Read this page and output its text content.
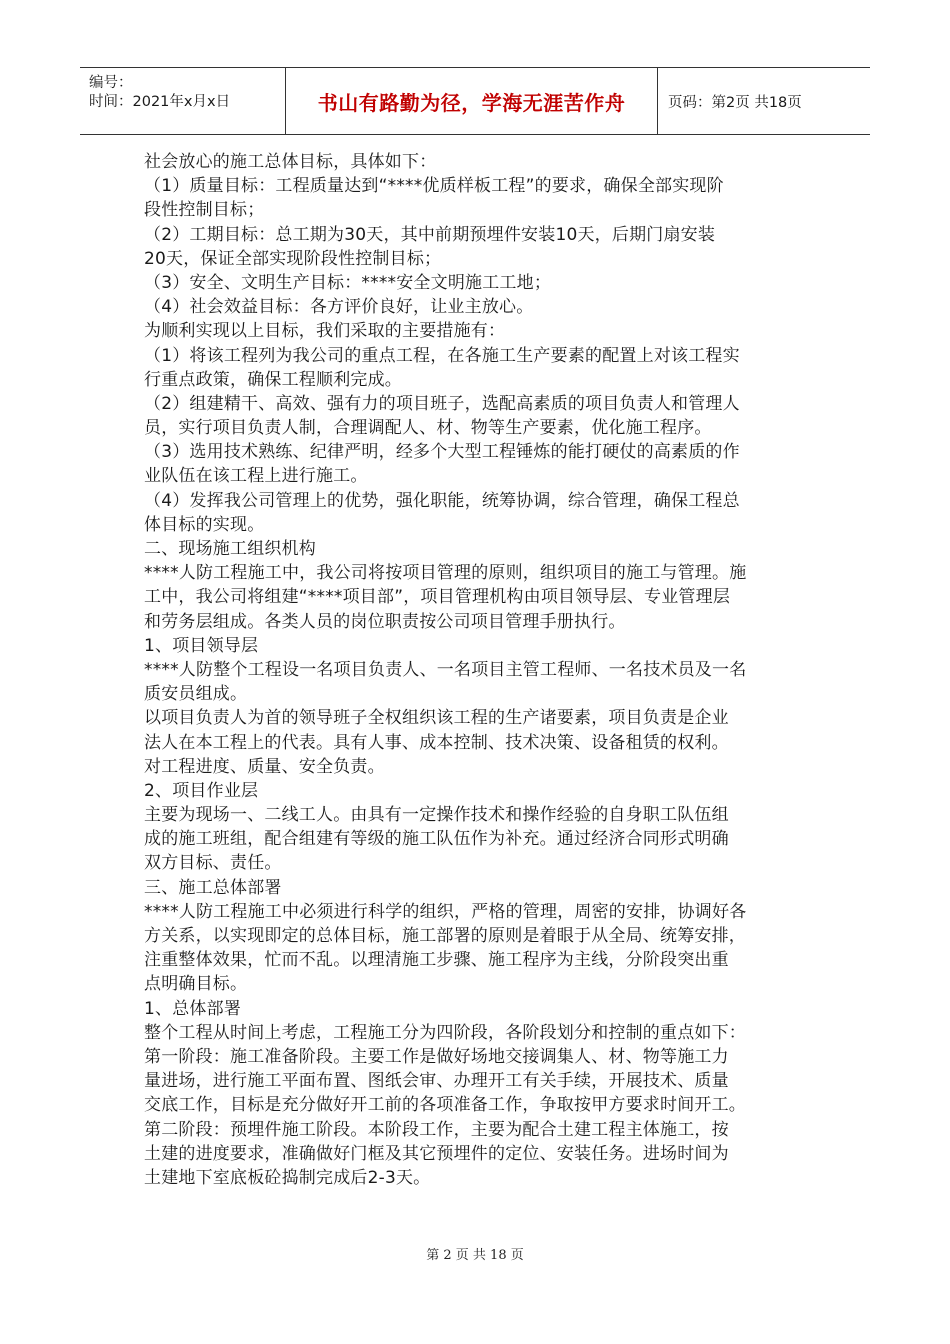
编号：
时间：2021年x月x日	书山有路勤为径，学海无涯苦作舟	页码：第2页 共18页
社会放心的施工总体目标，具体如下：
（1）质量目标：工程质量达到“****优质样板工程”的要求，确保全部实现阶
段性控制目标；
（2）工期目标：总工期为30天，其中前期预埋件安装10天，后期门扇安装
20天，保证全部实现阶段性控制目标；
（3）安全、文明生产目标：****安全文明施工工地；
（4）社会效益目标：各方评价良好，让业主放心。
为顺利实现以上目标，我们采取的主要措施有：
（1）将该工程列为我公司的重点工程，在各施工生产要素的配置上对该工程实
行重点政策，确保工程顺利完成。
（2）组建精干、高效、强有力的项目班子，选配高素质的项目负责人和管理人
员，实行项目负责人制，合理调配人、材、物等生产要素，优化施工程序。
（3）选用技术熟练、纪律严明，经多个大型工程锤炼的能打硬仗的高素质的作
业队伍在该工程上进行施工。
（4）发挥我公司管理上的优势，强化职能，统筹协调，综合管理，确保工程总
体目标的实现。
二、现场施工组织机构
****人防工程施工中，我公司将按项目管理的原则，组织项目的施工与管理。施
工中，我公司将组建“****项目部”，项目管理机构由项目领导层、专业管理层
和劳务层组成。各类人员的岗位职责按公司项目管理手册执行。
1、项目领导层
****人防整个工程设一名项目负责人、一名项目主管工程师、一名技术员及一名
质安员组成。
以项目负责人为首的领导班子全权组织该工程的生产诸要素，项目负责是企业
法人在本工程上的代表。具有人事、成本控制、技术决策、设备租赁的权利。
对工程进度、质量、安全负责。
2、项目作业层
主要为现场一、二线工人。由具有一定操作技术和操作经验的自身职工队伍组
成的施工班组，配合组建有等级的施工队伍作为补充。通过经济合同形式明确
双方目标、责任。
三、施工总体部署
****人防工程施工中必须进行科学的组织，严格的管理，周密的安排，协调好各
方关系，以实现即定的总体目标，施工部署的原则是着眼于从全局、统筹安排，
注重整体效果，忙而不乱。以理清施工步骤、施工程序为主线，分阶段突出重
点明确目标。
1、总体部署
整个工程从时间上考虑，工程施工分为四阶段，各阶段划分和控制的重点如下：
第一阶段：施工准备阶段。主要工作是做好场地交接调集人、材、物等施工力
量进场，进行施工平面布置、图纸会审、办理开工有关手续，开展技术、质量
交底工作，目标是充分做好开工前的各项准备工作，争取按甲方要求时间开工。
第二阶段：预埋件施工阶段。本阶段工作，主要为配合土建工程主体施工，按
土建的进度要求，准确做好门框及其它预埋件的定位、安装任务。进场时间为
土建地下室底板砼捣制完成后2-3天。
第 2 页 共 18 页
